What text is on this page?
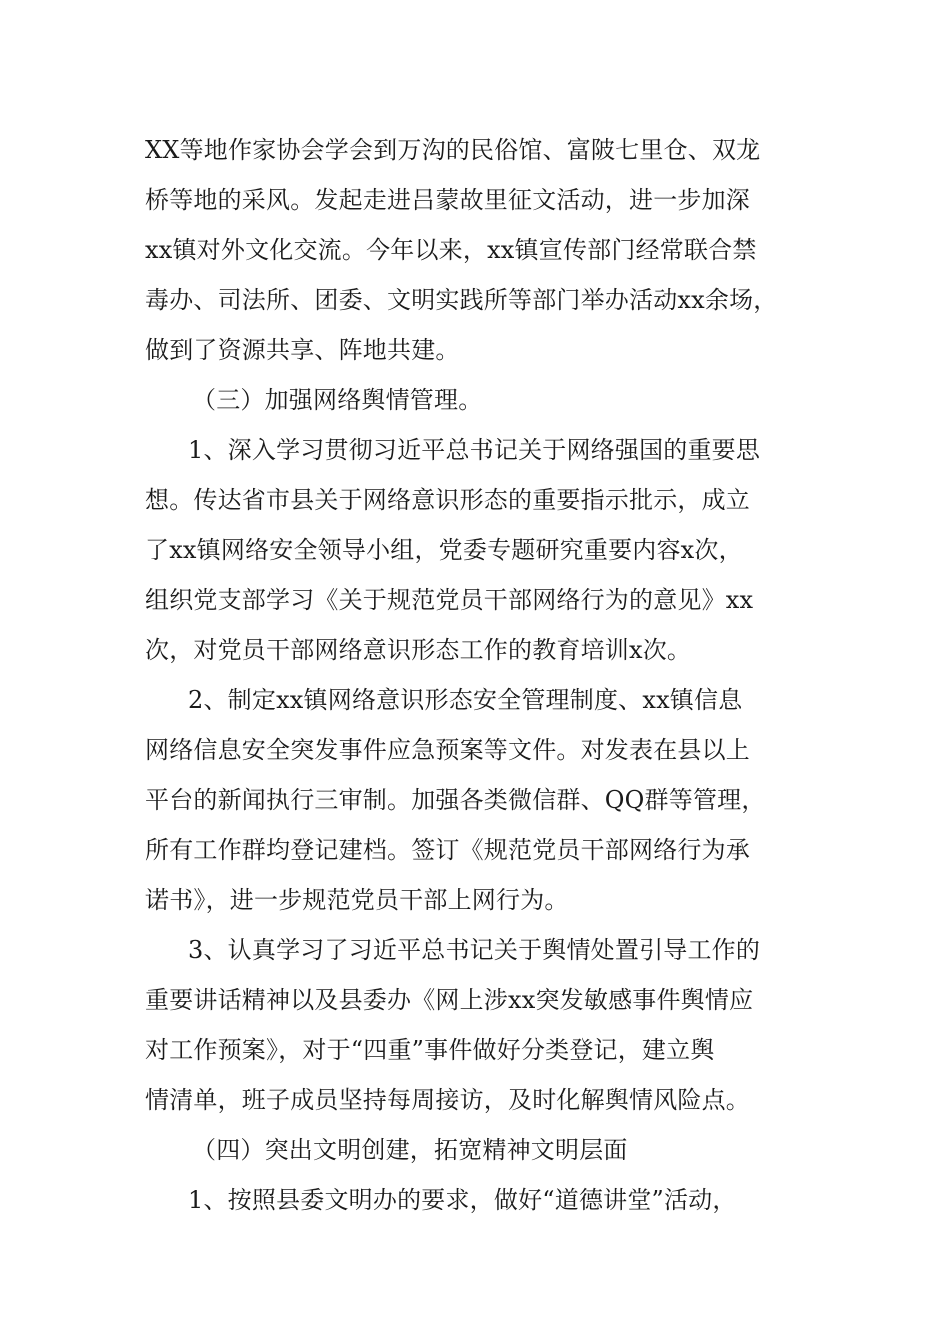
XX等地作家协会学会到万沟的民俗馆、富陂七里仓、双龙
桥等地的采风。发起走进吕蒙故里征文活动，进一步加深
xx镇对外文化交流。今年以来，xx镇宣传部门经常联合禁
毒办、司法所、团委、文明实践所等部门举办活动xx余场，
做到了资源共享、阵地共建。
（三）加强网络舆情管理。
1、深入学习贯彻习近平总书记关于网络强国的重要思
想。传达省市县关于网络意识形态的重要指示批示，成立
了xx镇网络安全领导小组，党委专题研究重要内容x次，
组织党支部学习《关于规范党员干部网络行为的意见》xx
次，对党员干部网络意识形态工作的教育培训x次。
2、制定xx镇网络意识形态安全管理制度、xx镇信息
网络信息安全突发事件应急预案等文件。对发表在县以上
平台的新闻执行三审制。加强各类微信群、QQ群等管理，
所有工作群均登记建档。签订《规范党员干部网络行为承
诺书》，进一步规范党员干部上网行为。
3、认真学习了习近平总书记关于舆情处置引导工作的
重要讲话精神以及县委办《网上涉xx突发敏感事件舆情应
对工作预案》，对于“四重”事件做好分类登记，建立舆
情清单，班子成员坚持每周接访，及时化解舆情风险点。
（四）突出文明创建，拓宽精神文明层面
1、按照县委文明办的要求，做好“道德讲堂”活动，
